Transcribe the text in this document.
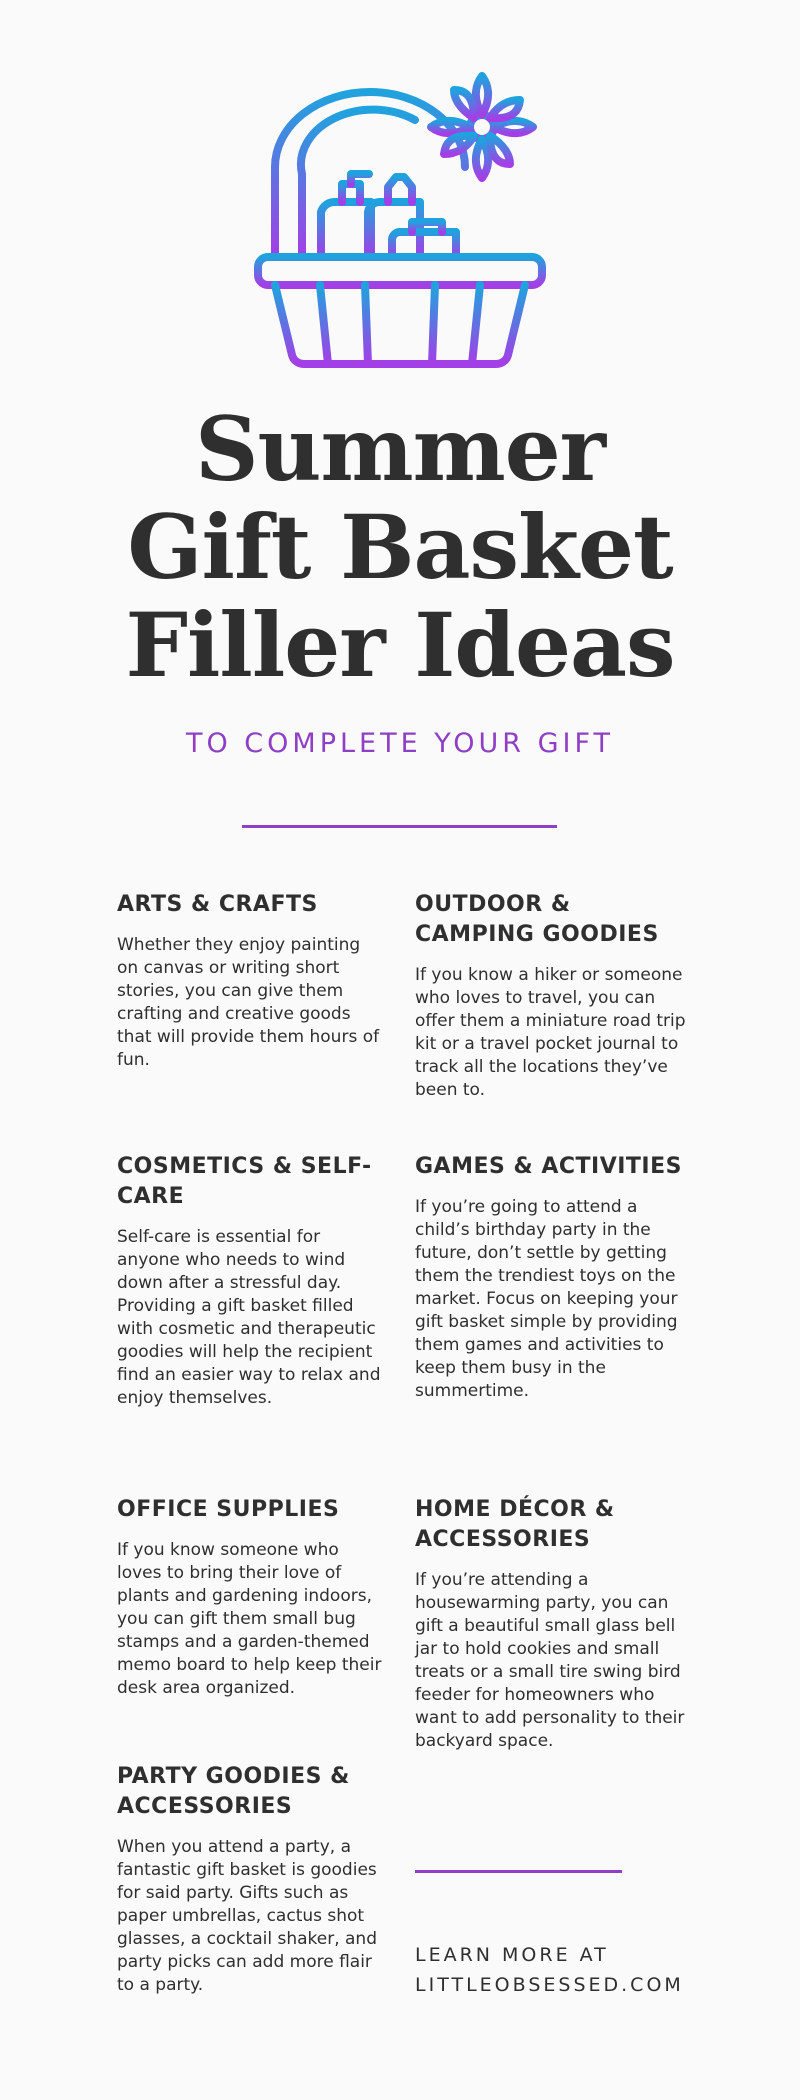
Summer
Gift Basket
Filler Ideas
TO COMPLETE YOUR GIFT
ARTS & CRAFTS

Whether they enjoy painting on canvas or writing short stories, you can give them crafting and creative goods that will provide them hours of fun.

OUTDOOR & CAMPING GOODIES

If you know a hiker or someone who loves to travel, you can offer them a miniature road trip kit or a travel pocket journal to track all the locations they’ve been to.

COSMETICS & SELF-CARE

Self-care is essential for anyone who needs to wind down after a stressful day. Providing a gift basket filled with cosmetic and therapeutic goodies will help the recipient find an easier way to relax and enjoy themselves.

GAMES & ACTIVITIES

If you’re going to attend a child’s birthday party in the future, don’t settle by getting them the trendiest toys on the market. Focus on keeping your gift basket simple by providing them games and activities to keep them busy in the summertime.

OFFICE SUPPLIES

If you know someone who loves to bring their love of plants and gardening indoors, you can gift them small bug stamps and a garden-themed memo board to help keep their desk area organized.

HOME DÉCOR & ACCESSORIES

If you’re attending a housewarming party, you can gift a beautiful small glass bell jar to hold cookies and small treats or a small tire swing bird feeder for homeowners who want to add personality to their backyard space.

PARTY GOODIES & ACCESSORIES

When you attend a party, a fantastic gift basket is goodies for said party. Gifts such as paper umbrellas, cactus shot glasses, a cocktail shaker, and party picks can add more flair to a party.

LEARN MORE AT
LITTLEOBSESSED.COM
